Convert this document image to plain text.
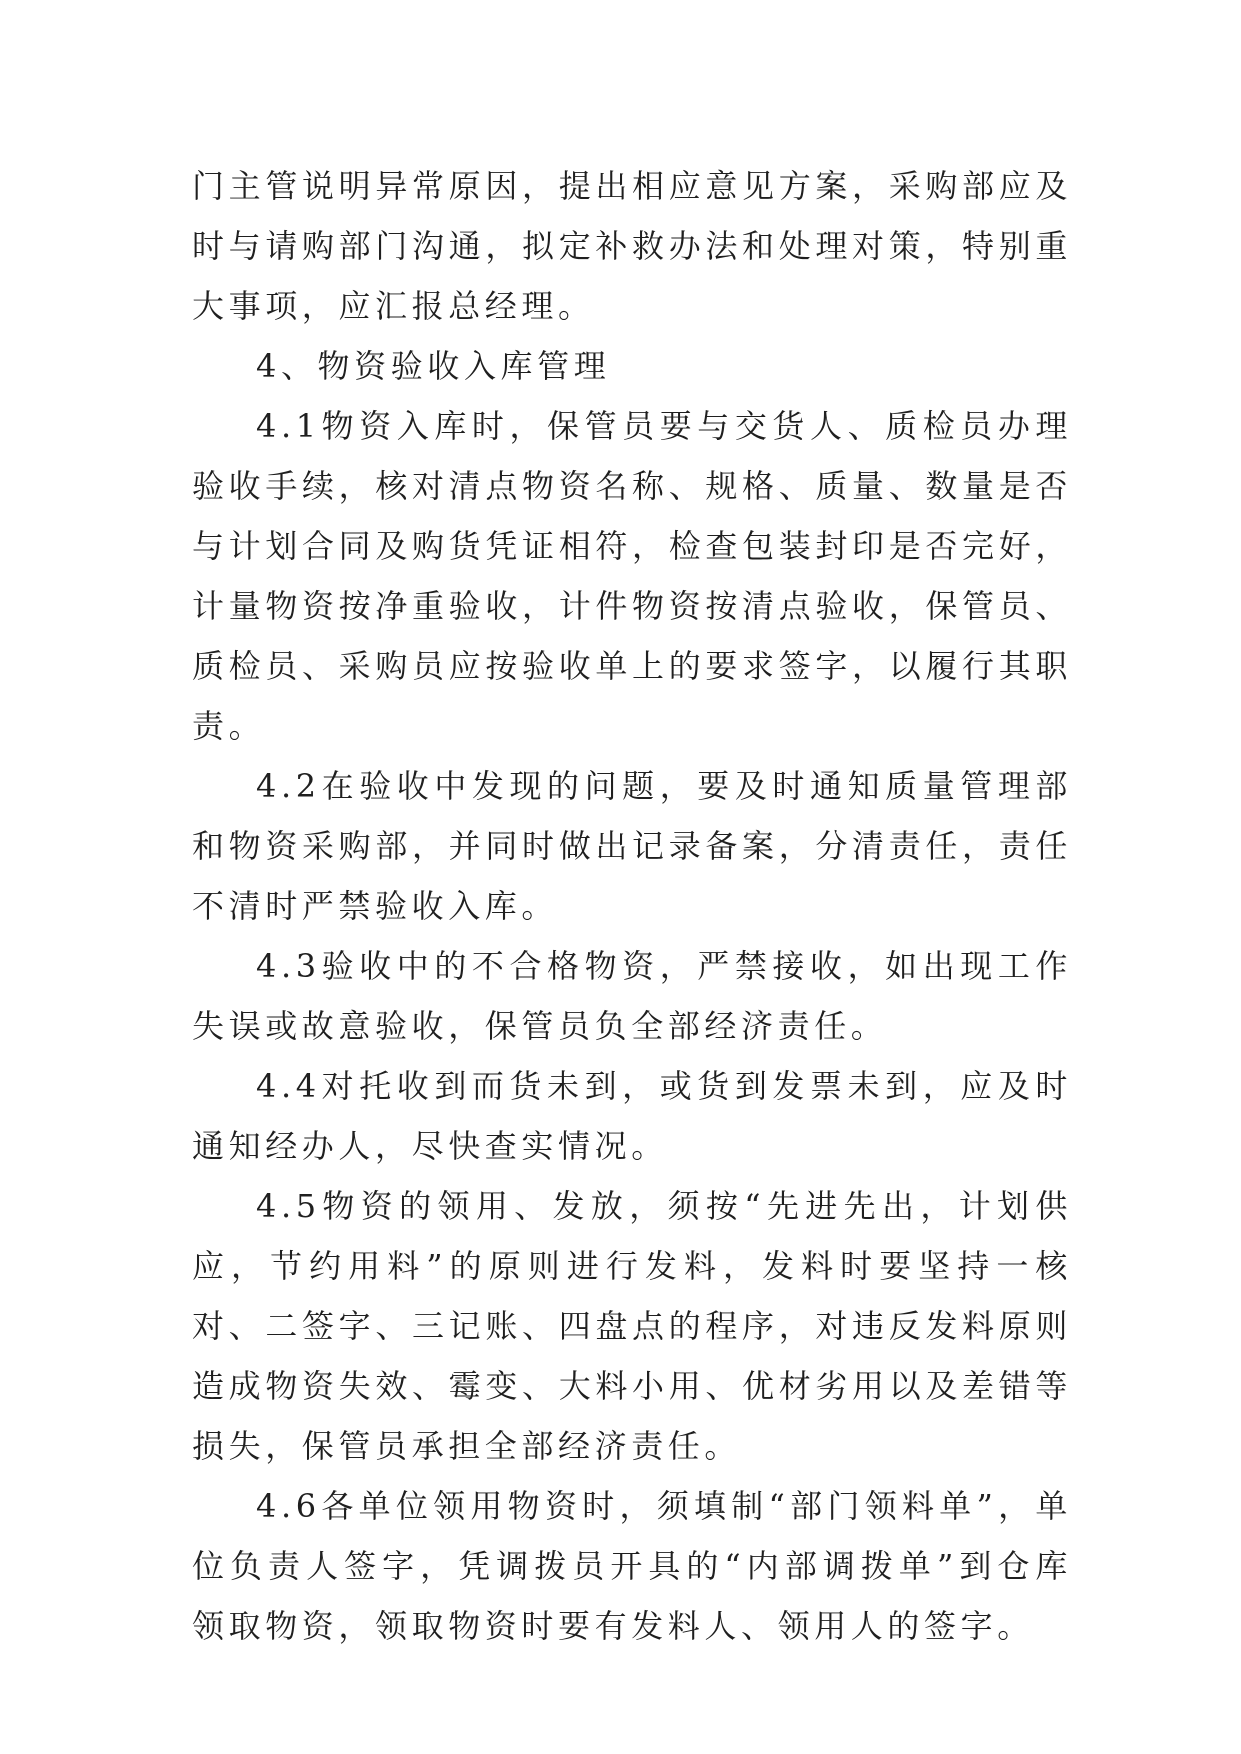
门主管说明异常原因，提出相应意见方案，采购部应及时与请购部门沟通，拟定补救办法和处理对策，特别重大事项，应汇报总经理。

4、物资验收入库管理

4.1物资入库时，保管员要与交货人、质检员办理验收手续，核对清点物资名称、规格、质量、数量是否与计划合同及购货凭证相符，检查包装封印是否完好，计量物资按净重验收，计件物资按清点验收，保管员、质检员、采购员应按验收单上的要求签字，以履行其职责。

4.2在验收中发现的问题，要及时通知质量管理部和物资采购部，并同时做出记录备案，分清责任，责任不清时严禁验收入库。

4.3验收中的不合格物资，严禁接收，如出现工作失误或故意验收，保管员负全部经济责任。

4.4对托收到而货未到，或货到发票未到，应及时通知经办人，尽快查实情况。

4.5物资的领用、发放，须按“先进先出，计划供应，节约用料”的原则进行发料，发料时要坚持一核对、二签字、三记账、四盘点的程序，对违反发料原则造成物资失效、霉变、大料小用、优材劣用以及差错等损失，保管员承担全部经济责任。

4.6各单位领用物资时，须填制“部门领料单”，单位负责人签字，凭调拨员开具的“内部调拨单”到仓库领取物资，领取物资时要有发料人、领用人的签字。
